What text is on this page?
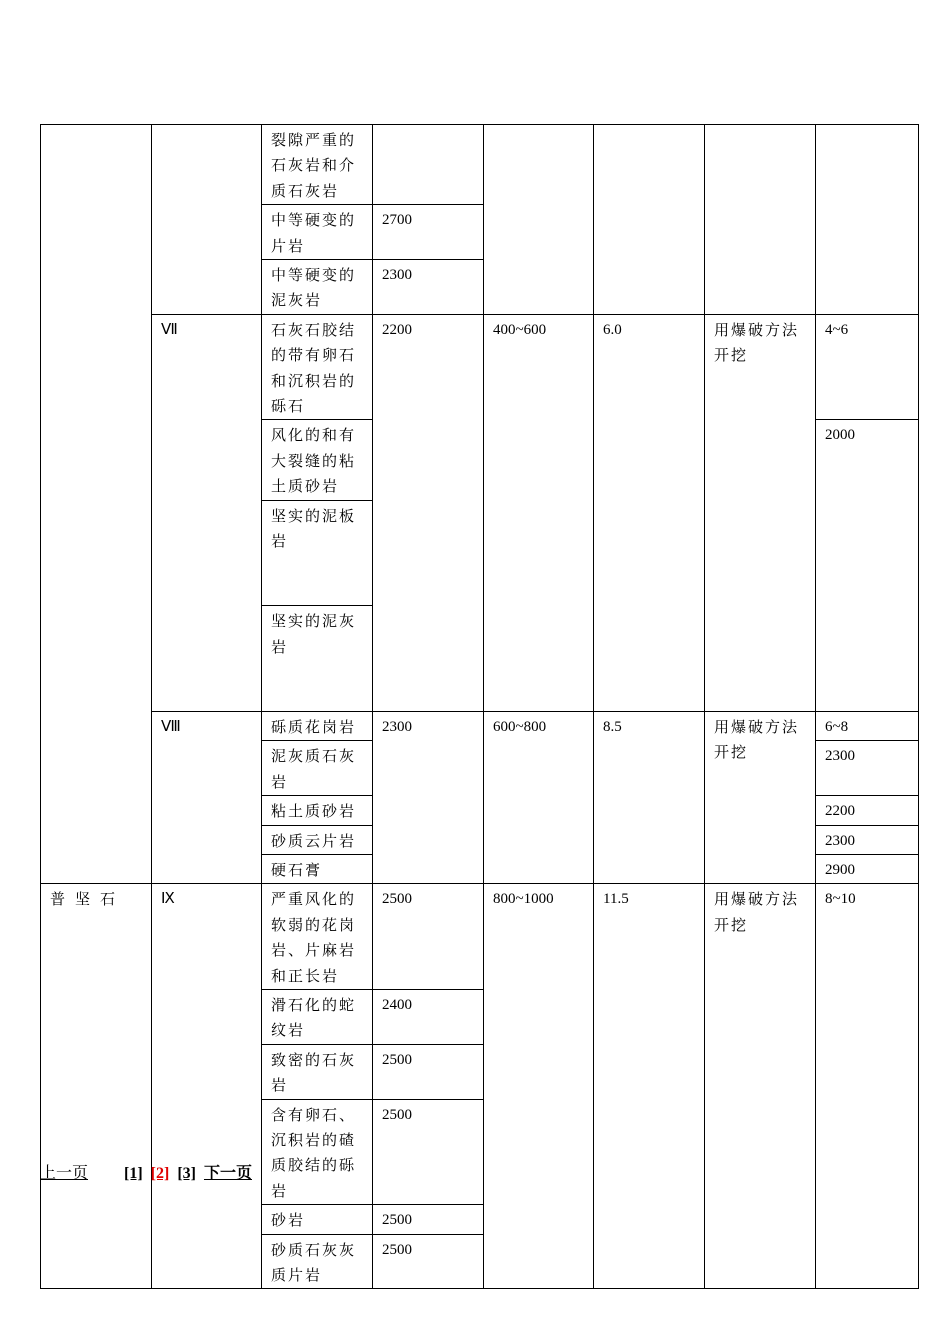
		裂隙严重的石灰岩和介质石灰岩						
		中等硬变的片岩	2700					
		中等硬变的泥灰岩	2300					
	Ⅶ	石灰石胶结的带有卵石和沉积岩的砾石	2200	400~600	6.0	用爆破方法开挖	4~6	
		风化的和有大裂缝的粘土质砂岩					2000	
		坚实的泥板岩		
		坚实的泥灰岩		
	Ⅷ	砾质花岗岩	2300	600~800	8.5	用爆破方法开挖	6~8	
		泥灰质石灰岩					2300	
		粘土质砂岩					2200	
		砂质云片岩					2300	
		硬石膏					2900	
普坚石	Ⅸ	严重风化的软弱的花岗岩、片麻岩和正长岩	2500	800~1000	11.5	用爆破方法开挖	8~10	
		滑石化的蛇纹岩	2400					
		致密的石灰岩	2500					
		含有卵石、沉积岩的碴质胶结的砾岩	2500					
		砂岩	2500					
		砂质石灰灰质片岩	2500					
上一页 [1] [2] [3] 下一页
